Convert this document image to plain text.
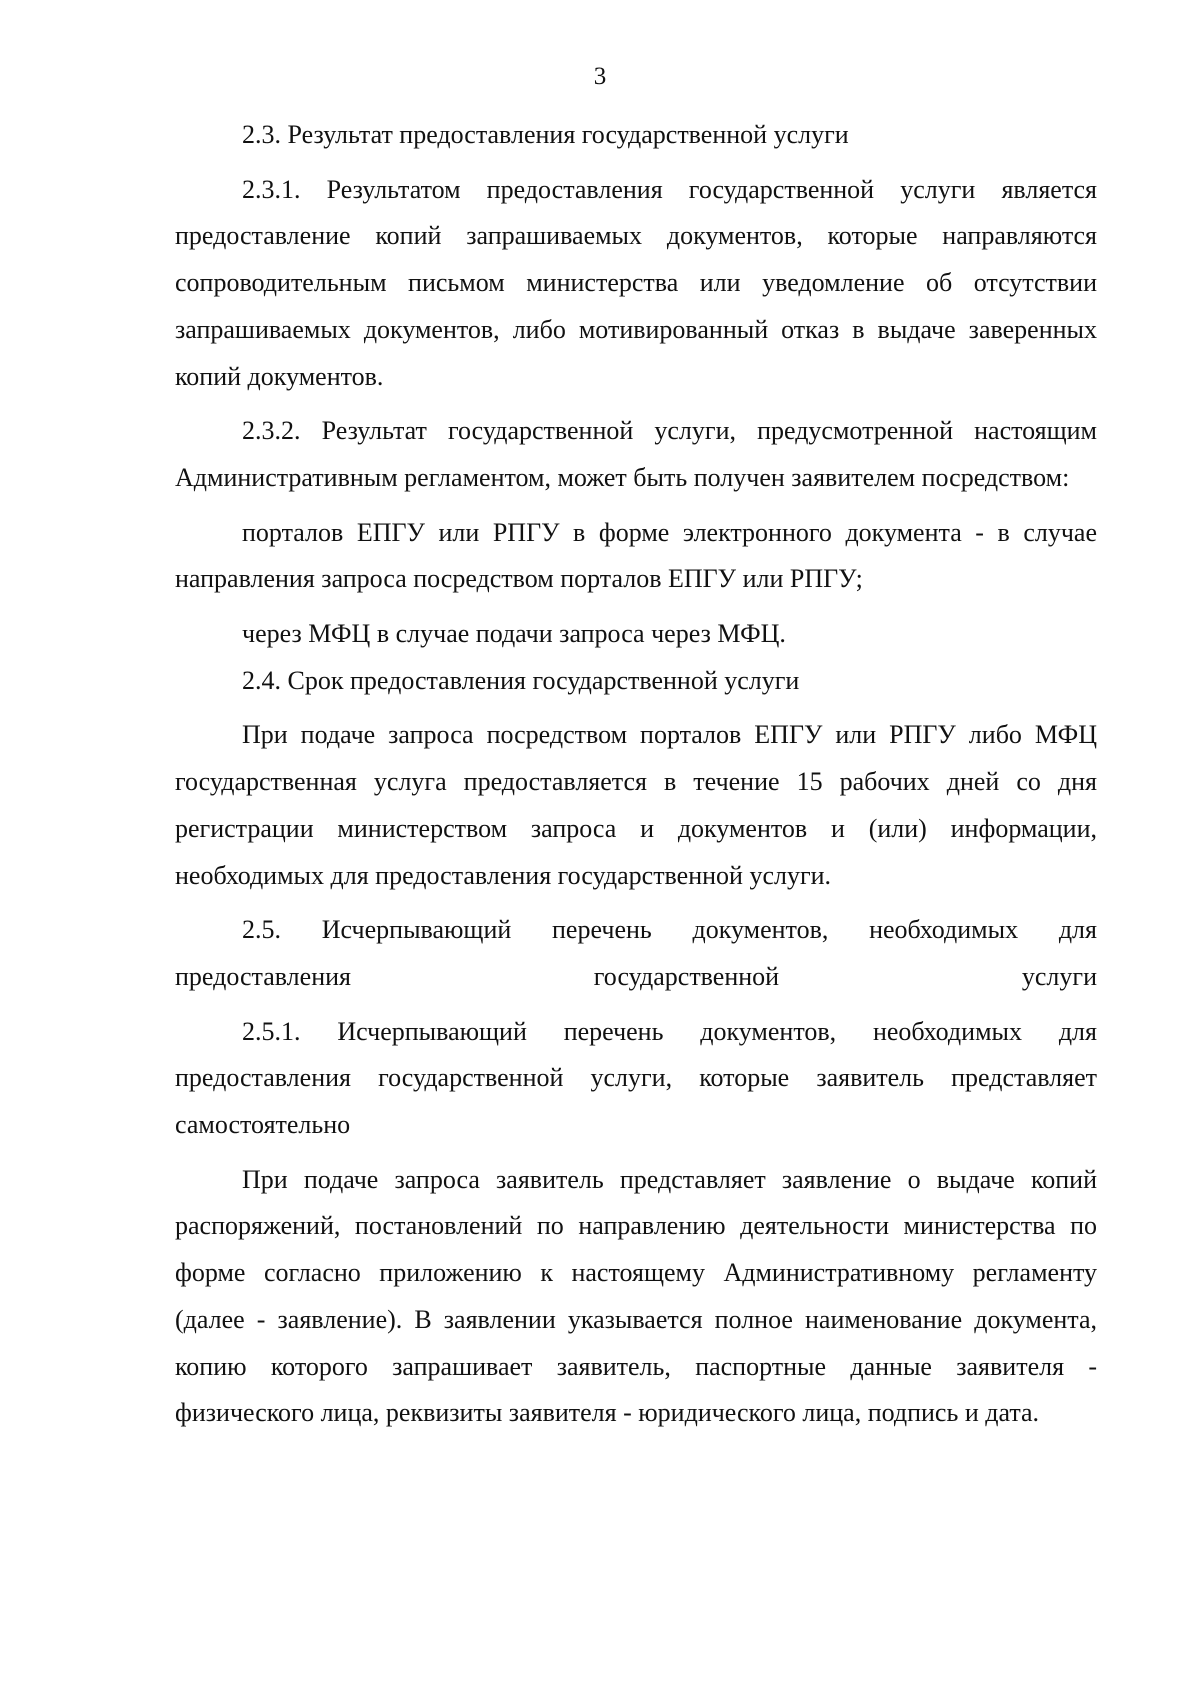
3

2.3. Результат предоставления государственной услуги

2.3.1. Результатом предоставления государственной услуги является предоставление копий запрашиваемых документов, которые направляются сопроводительным письмом министерства или уведомление об отсутствии запрашиваемых документов, либо мотивированный отказ в выдаче заверенных копий документов.

2.3.2. Результат государственной услуги, предусмотренной настоящим Административным регламентом, может быть получен заявителем посредством:

порталов ЕПГУ или РПГУ в форме электронного документа - в случае направления запроса посредством порталов ЕПГУ или РПГУ;

через МФЦ в случае подачи запроса через МФЦ.

2.4. Срок предоставления государственной услуги

При подаче запроса посредством порталов ЕПГУ или РПГУ либо МФЦ государственная услуга предоставляется в течение 15 рабочих дней со дня регистрации министерством запроса и документов и (или) информации, необходимых для предоставления государственной услуги.

2.5. Исчерпывающий перечень документов, необходимых для предоставления государственной услуги

2.5.1. Исчерпывающий перечень документов, необходимых для предоставления государственной услуги, которые заявитель представляет самостоятельно

При подаче запроса заявитель представляет заявление о выдаче копий распоряжений, постановлений по направлению деятельности министерства по форме согласно приложению к настоящему Административному регламенту (далее - заявление). В заявлении указывается полное наименование документа, копию которого запрашивает заявитель, паспортные данные заявителя - физического лица, реквизиты заявителя - юридического лица, подпись и дата.
